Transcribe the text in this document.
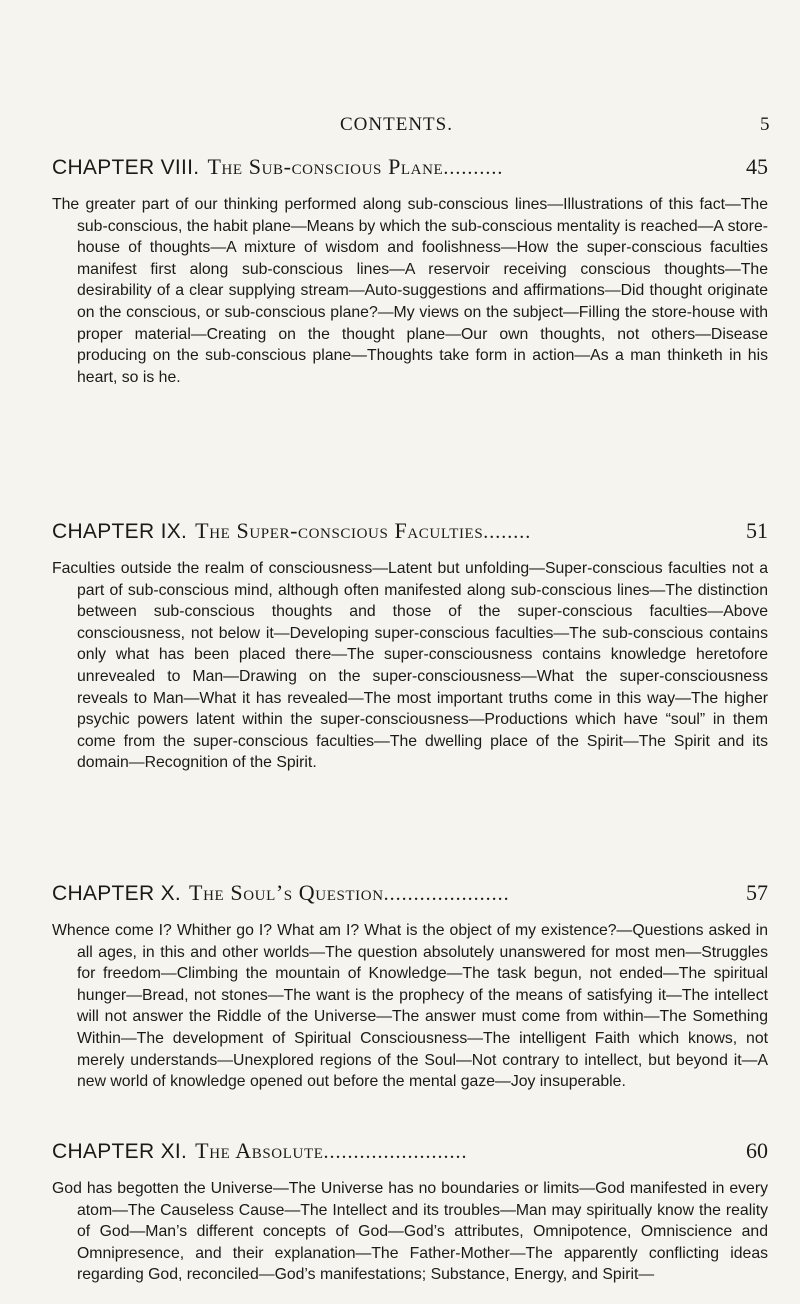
CONTENTS.	5
CHAPTER VIII. The Sub-conscious Plane..........	45
The greater part of our thinking performed along sub-conscious lines—Illustrations of this fact—The sub-conscious, the habit plane—Means by which the sub-conscious mentality is reached—A store-house of thoughts—A mixture of wisdom and foolishness—How the super-conscious faculties manifest first along sub-conscious lines—A reservoir receiving conscious thoughts—The desirability of a clear supplying stream—Auto-suggestions and affirmations—Did thought originate on the conscious, or sub-conscious plane?—My views on the subject—Filling the store-house with proper material—Creating on the thought plane—Our own thoughts, not others—Disease producing on the sub-conscious plane—Thoughts take form in action—As a man thinketh in his heart, so is he.
CHAPTER IX. The Super-conscious Faculties........	51
Faculties outside the realm of consciousness—Latent but unfolding—Super-conscious faculties not a part of sub-conscious mind, although often manifested along sub-conscious lines—The distinction between sub-conscious thoughts and those of the super-conscious faculties—Above consciousness, not below it—Developing super-conscious faculties—The sub-conscious contains only what has been placed there—The super-consciousness contains knowledge heretofore unrevealed to Man—Drawing on the super-consciousness—What the super-consciousness reveals to Man—What it has revealed—The most important truths come in this way—The higher psychic powers latent within the super-consciousness—Productions which have “soul” in them come from the super-conscious faculties—The dwelling place of the Spirit—The Spirit and its domain—Recognition of the Spirit.
CHAPTER X. The Soul’s Question.....................	57
Whence come I? Whither go I? What am I? What is the object of my existence?—Questions asked in all ages, in this and other worlds—The question absolutely unanswered for most men—Struggles for freedom—Climbing the mountain of Knowledge—The task begun, not ended—The spiritual hunger—Bread, not stones—The want is the prophecy of the means of satisfying it—The intellect will not answer the Riddle of the Universe—The answer must come from within—The Something Within—The development of Spiritual Consciousness—The intelligent Faith which knows, not merely understands—Unexplored regions of the Soul—Not contrary to intellect, but beyond it—A new world of knowledge opened out before the mental gaze—Joy insuperable.
CHAPTER XI. The Absolute........................	60
God has begotten the Universe—The Universe has no boundaries or limits—God manifested in every atom—The Causeless Cause—The Intellect and its troubles—Man may spiritually know the reality of God—Man’s different concepts of God—God’s attributes, Omnipotence, Omniscience and Omnipresence, and their explanation—The Father-Mother—The apparently conflicting ideas regarding God, reconciled—God’s manifestations; Substance, Energy, and Spirit—
